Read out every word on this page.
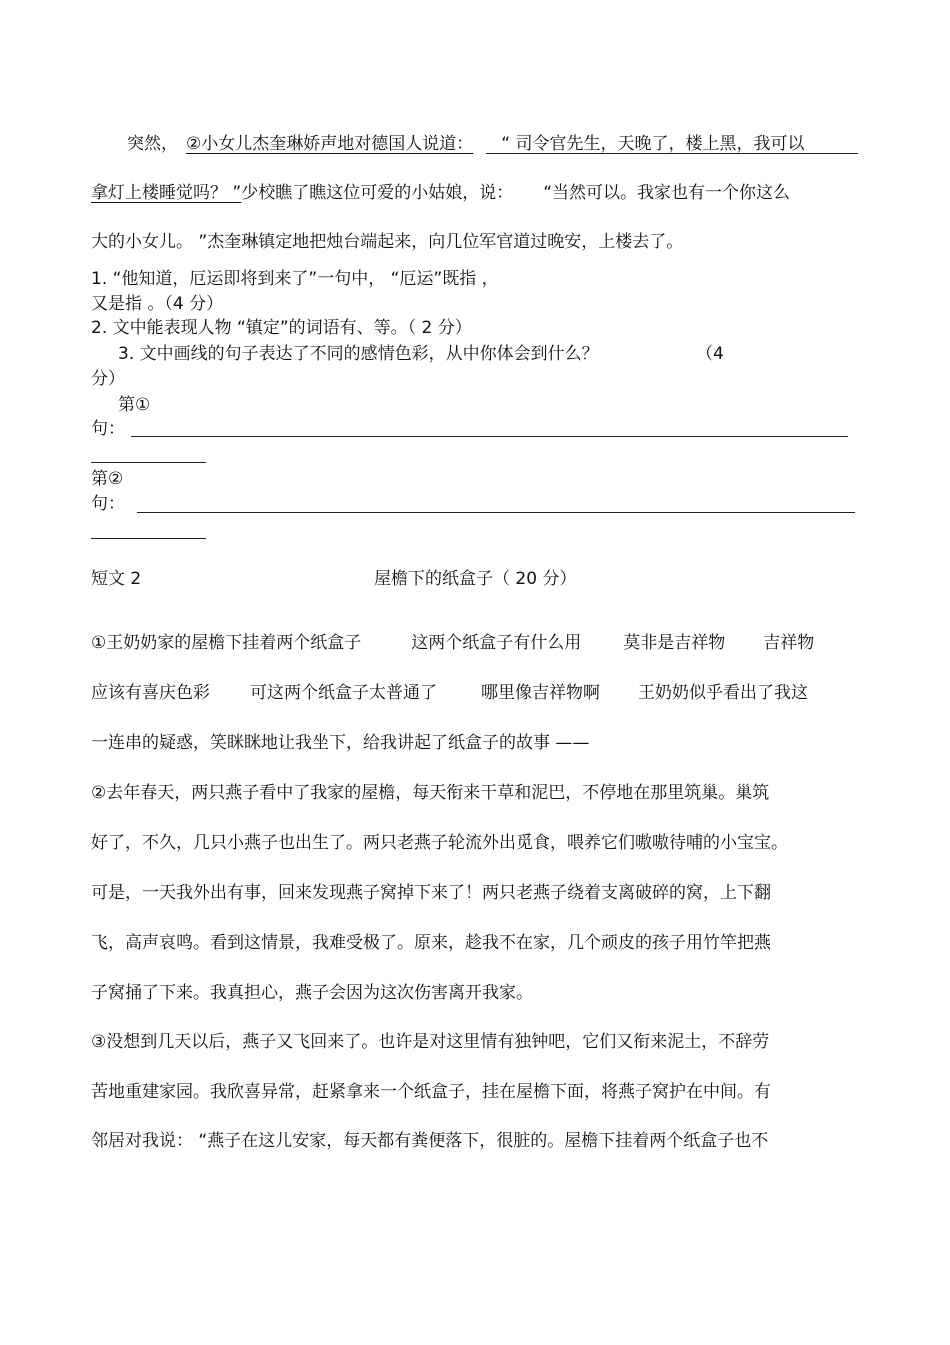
突然， ②小女儿杰奎琳娇声地对德国人说道： “ 司令官先生，天晚了，楼上黑，我可以
拿灯上楼睡觉吗？ ”少校瞧了瞧这位可爱的小姑娘，说： “当然可以。我家也有一个你这么
大的小女儿。 ”杰奎琳镇定地把烛台端起来，向几位军官道过晚安，上楼去了。
1. “他知道，厄运即将到来了”一句中， “厄运”既指 ，
又是指 。（4 分）
2. 文中能表现人物 “镇定”的词语有、等。（ 2 分）
3. 文中画线的句子表达了不同的感情色彩，从中你体会到什么？	（4
分）
第①
句：
第②
句：
短文 2	屋檐下的纸盒子（ 20 分）
①王奶奶家的屋檐下挂着两个纸盒子	这两个纸盒子有什么用 莫非是吉祥物 吉祥物
应该有喜庆色彩 可这两个纸盒子太普通了	哪里像吉祥物啊 王奶奶似乎看出了我这
一连串的疑惑，笑眯眯地让我坐下，给我讲起了纸盒子的故事 ——
②去年春天，两只燕子看中了我家的屋檐，每天衔来干草和泥巴，不停地在那里筑巢。巢筑
好了，不久，几只小燕子也出生了。两只老燕子轮流外出觅食，喂养它们嗷嗷待哺的小宝宝。
可是，一天我外出有事，回来发现燕子窝掉下来了！两只老燕子绕着支离破碎的窝，上下翻
飞，高声哀鸣。看到这情景，我难受极了。原来，趁我不在家，几个顽皮的孩子用竹竿把燕
子窝捅了下来。我真担心，燕子会因为这次伤害离开我家。
③没想到几天以后，燕子又飞回来了。也许是对这里情有独钟吧，它们又衔来泥土，不辞劳
苦地重建家园。我欣喜异常，赶紧拿来一个纸盒子，挂在屋檐下面，将燕子窝护在中间。有
邻居对我说： “燕子在这儿安家，每天都有粪便落下，很脏的。屋檐下挂着两个纸盒子也不
